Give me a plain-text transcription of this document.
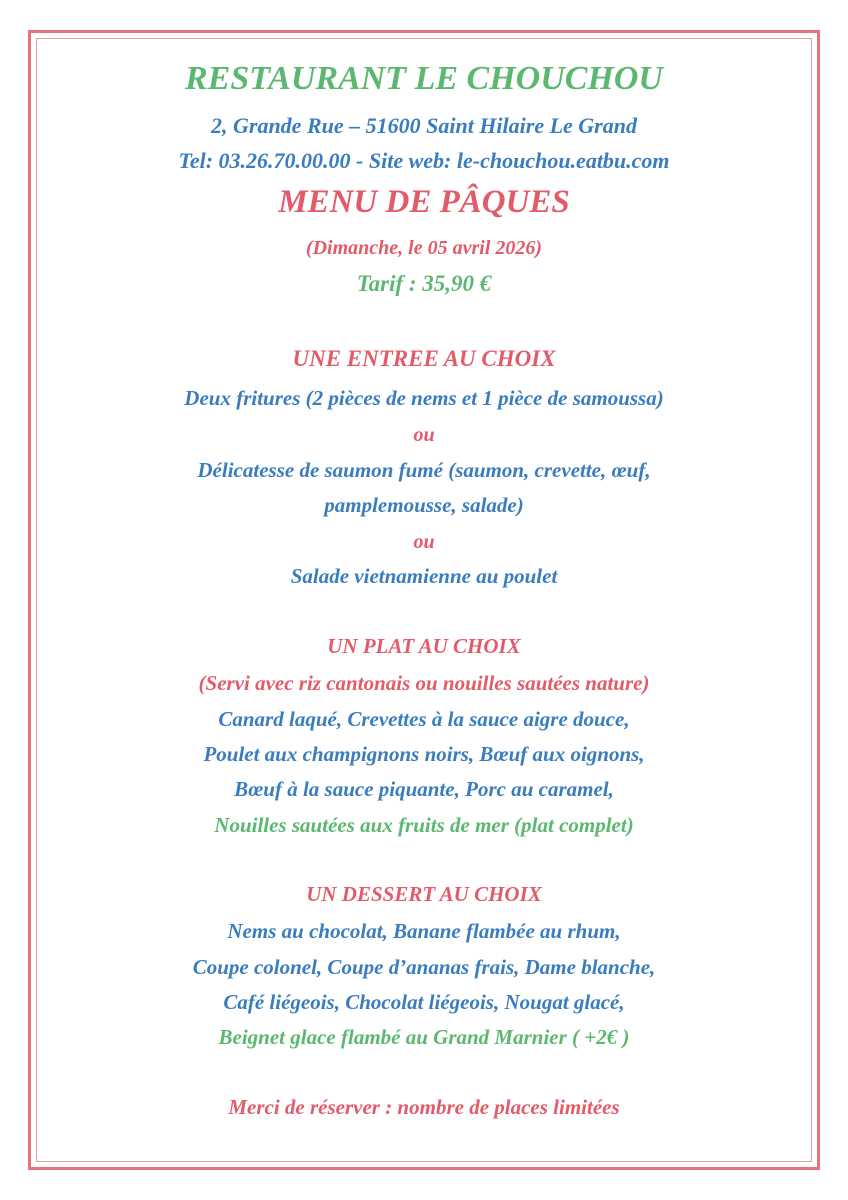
RESTAURANT LE CHOUCHOU
2, Grande Rue – 51600 Saint Hilaire Le Grand
Tel: 03.26.70.00.00 - Site web: le-chouchou.eatbu.com
MENU DE PÂQUES
(Dimanche, le 05 avril 2026)
Tarif : 35,90 €
UNE ENTREE AU CHOIX
Deux fritures (2 pièces de nems et 1 pièce de samoussa)
ou
Délicatesse de saumon fumé (saumon, crevette, œuf,
pamplemousse, salade)
ou
Salade vietnamienne au poulet
UN PLAT AU CHOIX
(Servi avec riz cantonais ou nouilles sautées nature)
Canard laqué, Crevettes à la sauce aigre douce,
Poulet aux champignons noirs, Bœuf aux oignons,
Bœuf à la sauce piquante, Porc au caramel,
Nouilles sautées aux fruits de mer (plat complet)
UN DESSERT AU CHOIX
Nems au chocolat, Banane flambée au rhum,
Coupe colonel, Coupe d’ananas frais, Dame blanche,
Café liégeois, Chocolat liégeois, Nougat glacé,
Beignet glace flambé au Grand Marnier ( +2€ )
Merci de réserver : nombre de places limitées
